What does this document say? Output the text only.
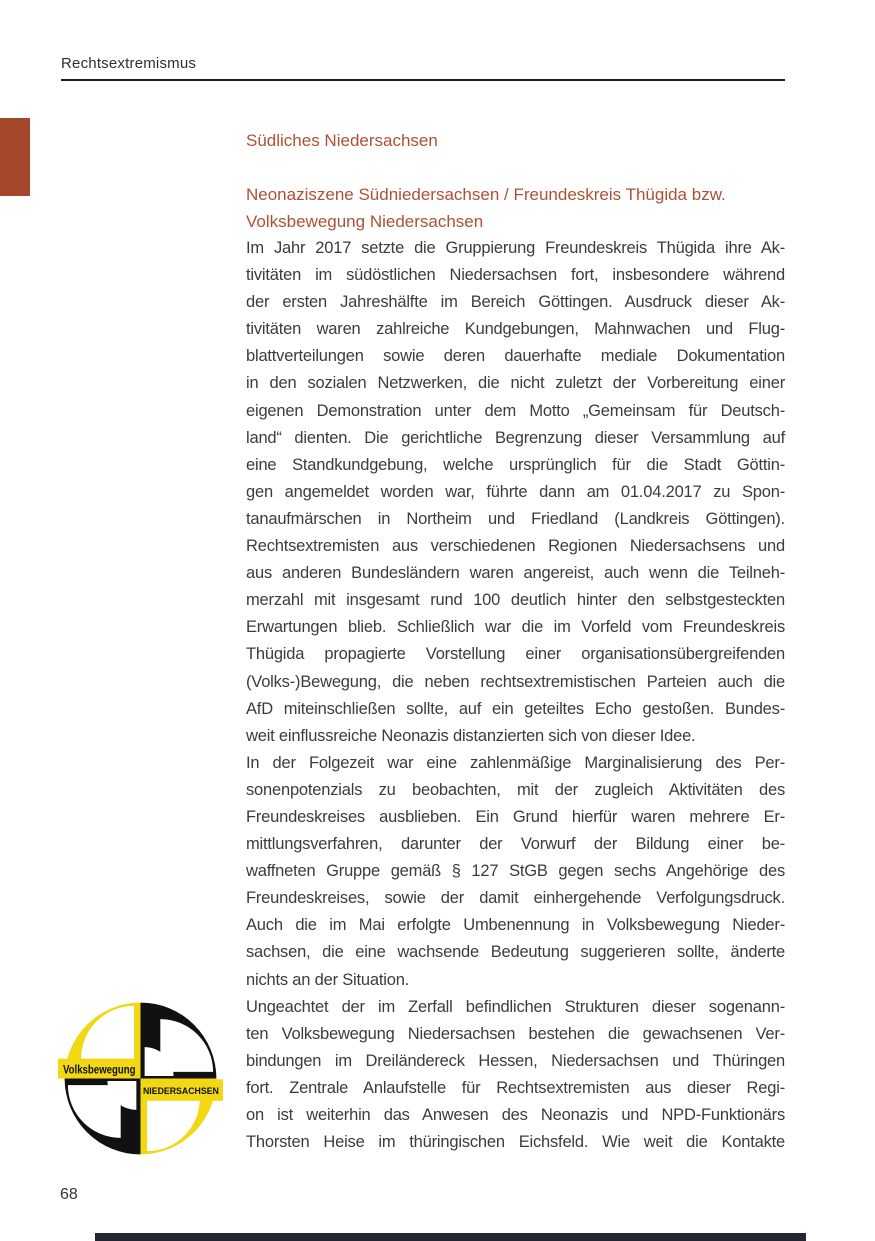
Rechtsextremismus
Südliches Niedersachsen
Neonaziszene Südniedersachsen / Freundeskreis Thügida bzw.
Volksbewegung Niedersachsen
Im Jahr 2017 setzte die Gruppierung Freundeskreis Thügida ihre Ak-
tivitäten im südöstlichen Niedersachsen fort, insbesondere während
der ersten Jahreshälfte im Bereich Göttingen. Ausdruck dieser Ak-
tivitäten waren zahlreiche Kundgebungen, Mahnwachen und Flug-
blattverteilungen sowie deren dauerhafte mediale Dokumentation
in den sozialen Netzwerken, die nicht zuletzt der Vorbereitung einer
eigenen Demonstration unter dem Motto „Gemeinsam für Deutsch-
land“ dienten. Die gerichtliche Begrenzung dieser Versammlung auf
eine Standkundgebung, welche ursprünglich für die Stadt Göttin-
gen angemeldet worden war, führte dann am 01.04.2017 zu Spon-
tanaufmärschen in Northeim und Friedland (Landkreis Göttingen).
Rechtsextremisten aus verschiedenen Regionen Niedersachsens und
aus anderen Bundesländern waren angereist, auch wenn die Teilneh-
merzahl mit insgesamt rund 100 deutlich hinter den selbstgesteckten
Erwartungen blieb. Schließlich war die im Vorfeld vom Freundeskreis
Thügida propagierte Vorstellung einer organisationsübergreifenden
(Volks-)Bewegung, die neben rechtsextremistischen Parteien auch die
AfD miteinschließen sollte, auf ein geteiltes Echo gestoßen. Bundes-
weit einflussreiche Neonazis distanzierten sich von dieser Idee.
In der Folgezeit war eine zahlenmäßige Marginalisierung des Per-
sonenpotenzials zu beobachten, mit der zugleich Aktivitäten des
Freundeskreises ausblieben. Ein Grund hierfür waren mehrere Er-
mittlungsverfahren, darunter der Vorwurf der Bildung einer be-
waffneten Gruppe gemäß § 127 StGB gegen sechs Angehörige des
Freundeskreises, sowie der damit einhergehende Verfolgungsdruck.
Auch die im Mai erfolgte Umbenennung in Volksbewegung Nieder-
sachsen, die eine wachsende Bedeutung suggerieren sollte, änderte
nichts an der Situation.
Ungeachtet der im Zerfall befindlichen Strukturen dieser sogenann-
ten Volksbewegung Niedersachsen bestehen die gewachsenen Ver-
bindungen im Dreiländereck Hessen, Niedersachsen und Thüringen
fort. Zentrale Anlaufstelle für Rechtsextremisten aus dieser Regi-
on ist weiterhin das Anwesen des Neonazis und NPD-Funktionärs
Thorsten Heise im thüringischen Eichsfeld. Wie weit die Kontakte
Volksbewegung
NIEDERSACHSEN
68
